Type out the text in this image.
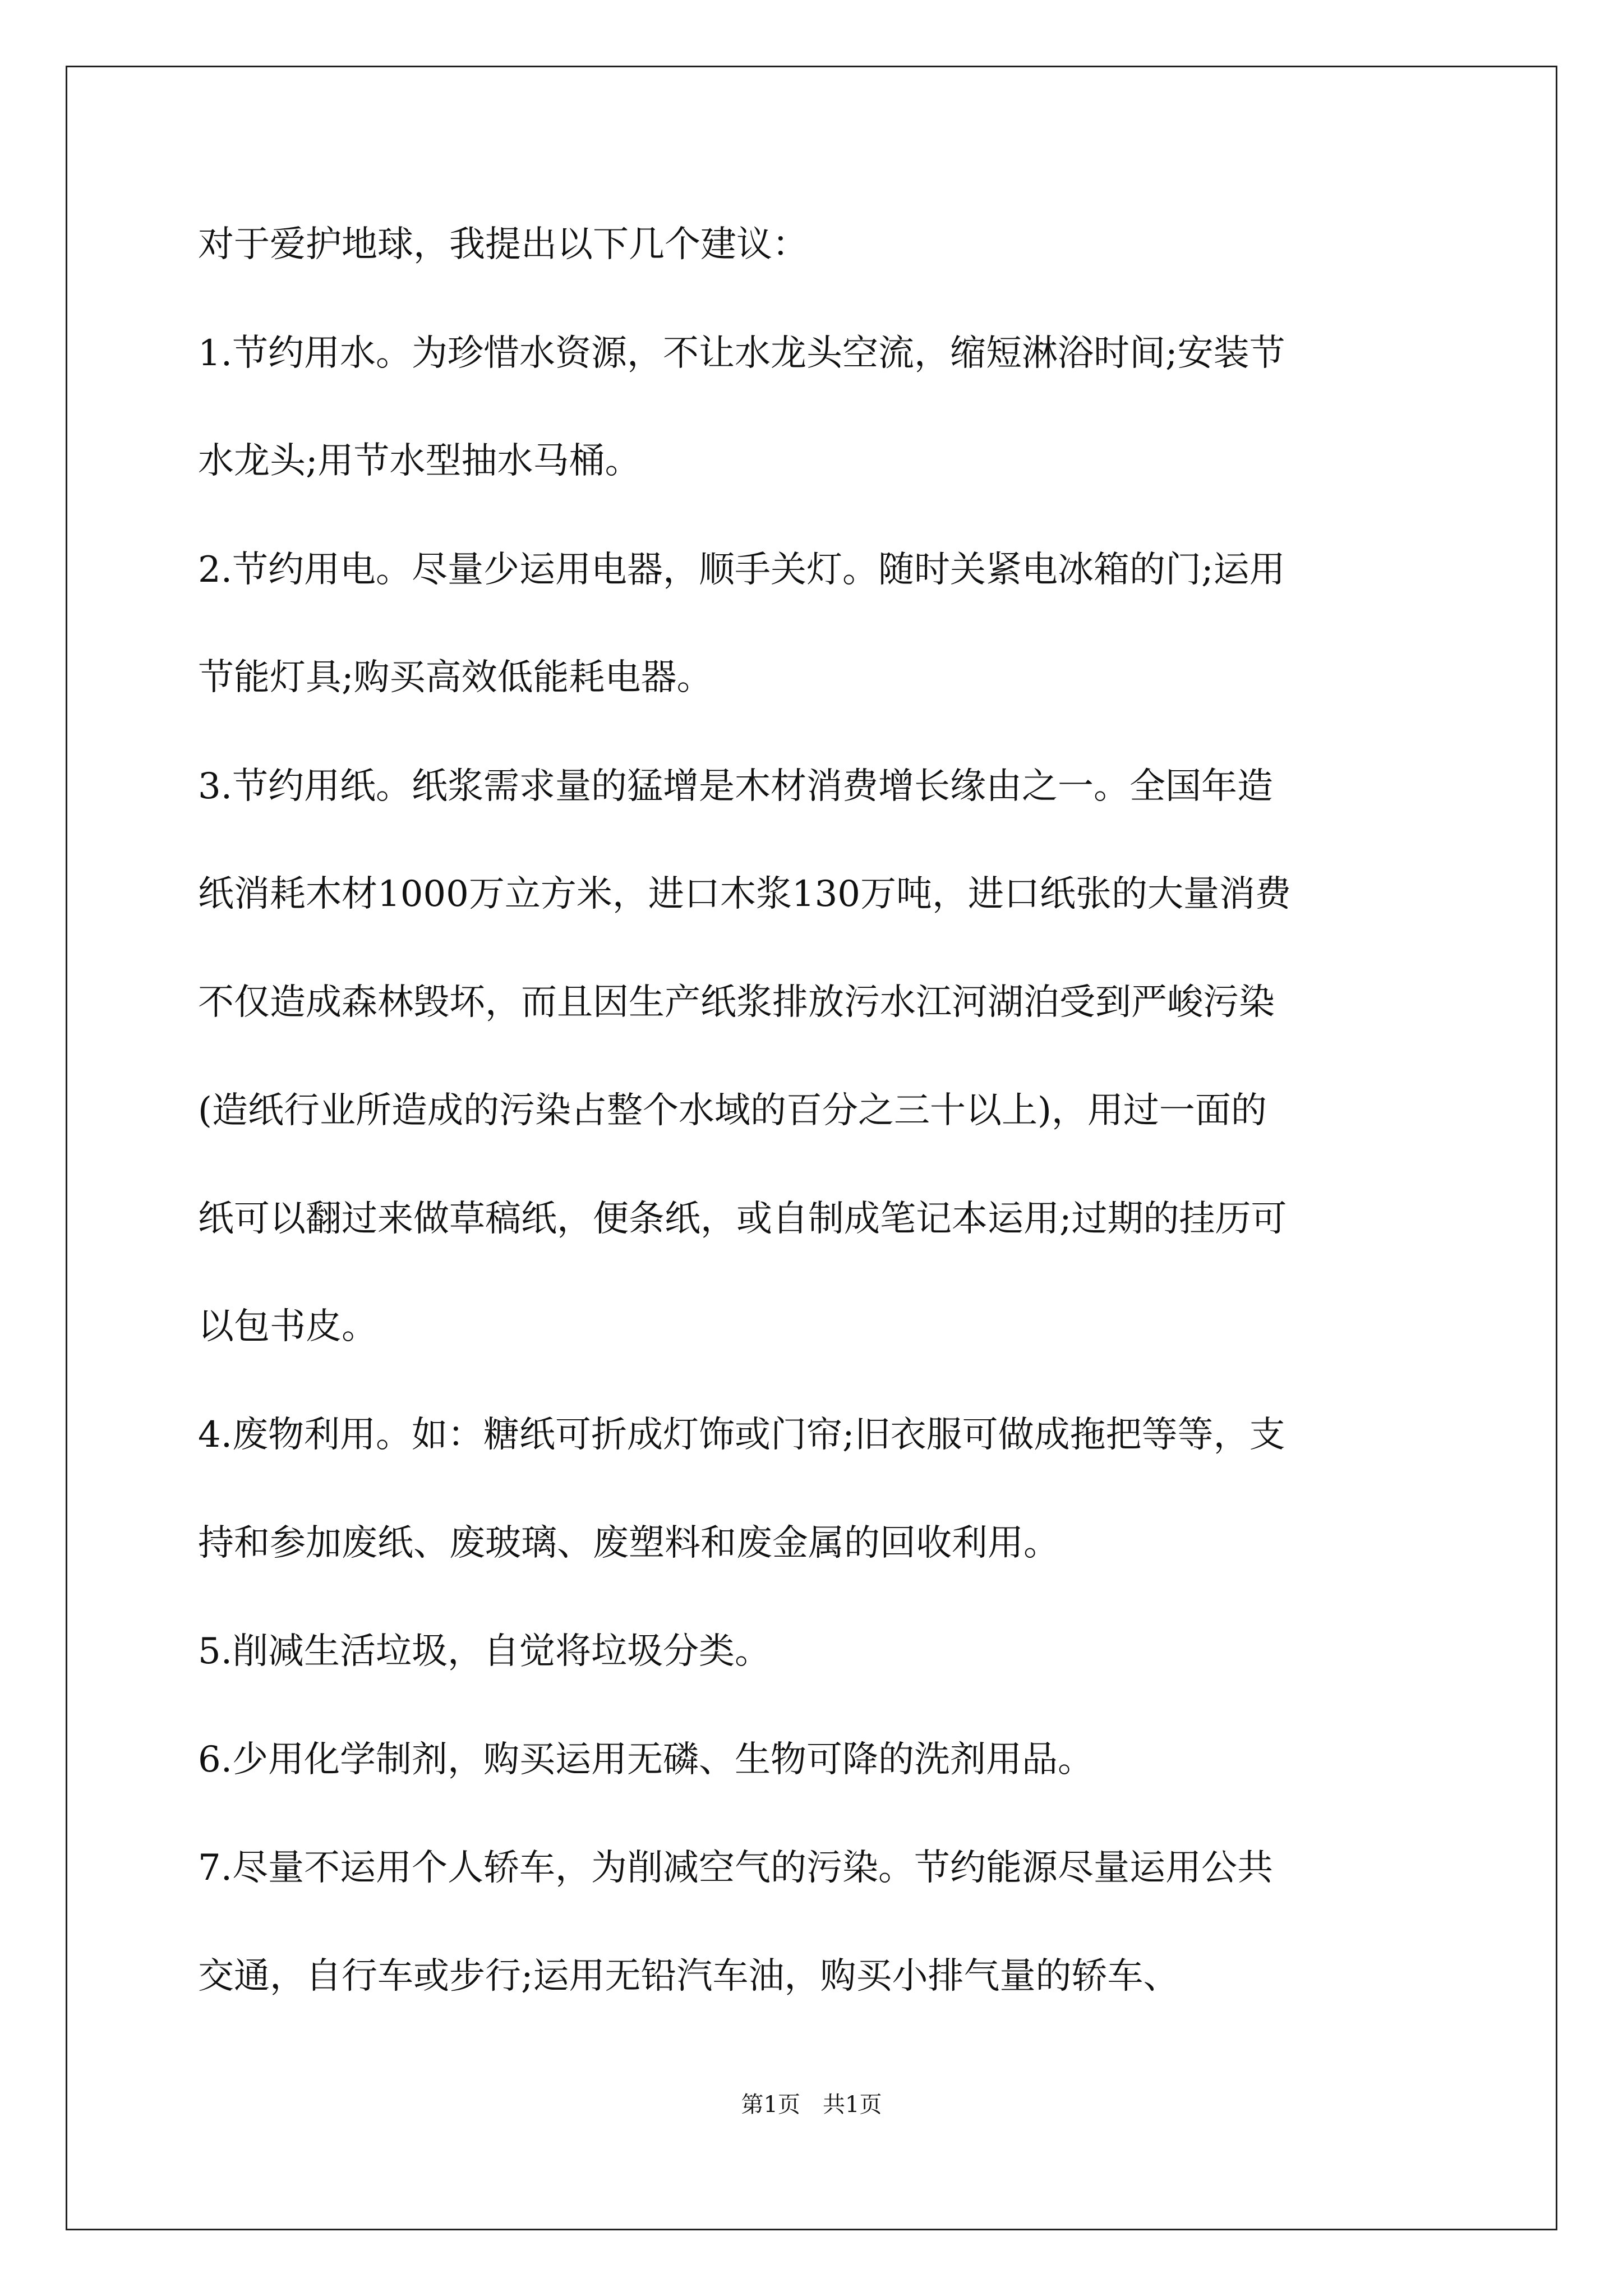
对于爱护地球，我提出以下几个建议：
1.节约用水。为珍惜水资源，不让水龙头空流，缩短淋浴时间;安装节
水龙头;用节水型抽水马桶。
2.节约用电。尽量少运用电器，顺手关灯。随时关紧电冰箱的门;运用
节能灯具;购买高效低能耗电器。
3.节约用纸。纸浆需求量的猛增是木材消费增长缘由之一。全国年造
纸消耗木材1000万立方米，进口木浆130万吨，进口纸张的大量消费
不仅造成森林毁坏，而且因生产纸浆排放污水江河湖泊受到严峻污染
(造纸行业所造成的污染占整个水域的百分之三十以上)，用过一面的
纸可以翻过来做草稿纸，便条纸，或自制成笔记本运用;过期的挂历可
以包书皮。
4.废物利用。如：糖纸可折成灯饰或门帘;旧衣服可做成拖把等等，支
持和参加废纸、废玻璃、废塑料和废金属的回收利用。
5.削减生活垃圾，自觉将垃圾分类。
6.少用化学制剂，购买运用无磷、生物可降的洗剂用品。
7.尽量不运用个人轿车，为削减空气的污染。节约能源尽量运用公共
交通，自行车或步行;运用无铅汽车油，购买小排气量的轿车、
第1页　共1页
